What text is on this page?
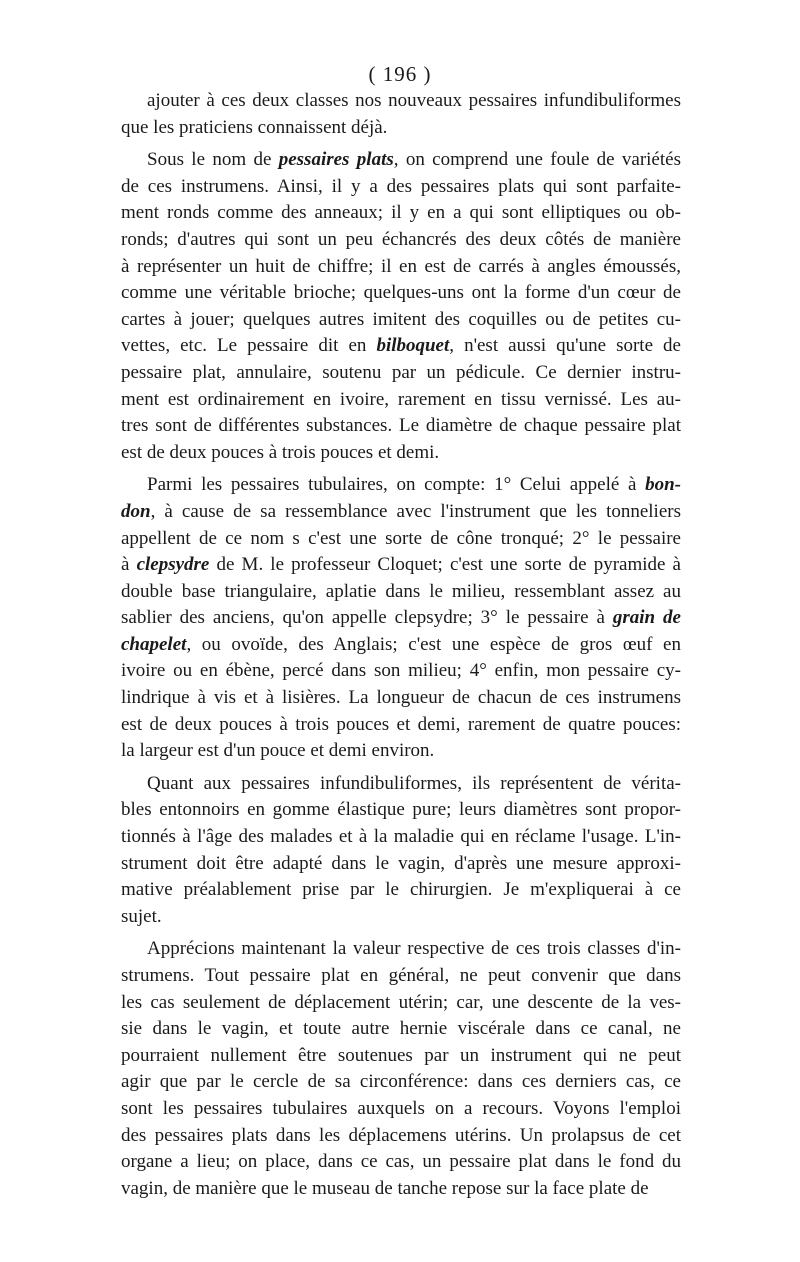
( 196 )
ajouter à ces deux classes nos nouveaux pessaires infundibuliformes
que les praticiens connaissent déjà.
Sous le nom de pessaires plats, on comprend une foule de variétés
de ces instrumens. Ainsi, il y a des pessaires plats qui sont parfaite-
ment ronds comme des anneaux; il y en a qui sont elliptiques ou ob-
ronds; d'autres qui sont un peu échancrés des deux côtés de manière
à représenter un huit de chiffre; il en est de carrés à angles émoussés,
comme une véritable brioche; quelques-uns ont la forme d'un cœur de
cartes à jouer; quelques autres imitent des coquilles ou de petites cu-
vettes, etc. Le pessaire dit en bilboquet, n'est aussi qu'une sorte de
pessaire plat, annulaire, soutenu par un pédicule. Ce dernier instru-
ment est ordinairement en ivoire, rarement en tissu vernissé. Les au-
tres sont de différentes substances. Le diamètre de chaque pessaire plat
est de deux pouces à trois pouces et demi.
Parmi les pessaires tubulaires, on compte: 1° Celui appelé à bon-
don, à cause de sa ressemblance avec l'instrument que les tonneliers
appellent de ce nom s c'est une sorte de cône tronqué; 2° le pessaire
à clepsydre de M. le professeur Cloquet; c'est une sorte de pyramide à
double base triangulaire, aplatie dans le milieu, ressemblant assez au
sablier des anciens, qu'on appelle clepsydre; 3° le pessaire à grain de
chapelet, ou ovoïde, des Anglais; c'est une espèce de gros œuf en
ivoire ou en ébène, percé dans son milieu; 4° enfin, mon pessaire cy-
lindrique à vis et à lisières. La longueur de chacun de ces instrumens
est de deux pouces à trois pouces et demi, rarement de quatre pouces:
la largeur est d'un pouce et demi environ.
Quant aux pessaires infundibuliformes, ils représentent de vérita-
bles entonnoirs en gomme élastique pure; leurs diamètres sont propor-
tionnés à l'âge des malades et à la maladie qui en réclame l'usage. L'in-
strument doit être adapté dans le vagin, d'après une mesure approxi-
mative préalablement prise par le chirurgien. Je m'expliquerai à ce
sujet.
Apprécions maintenant la valeur respective de ces trois classes d'in-
strumens. Tout pessaire plat en général, ne peut convenir que dans
les cas seulement de déplacement utérin; car, une descente de la ves-
sie dans le vagin, et toute autre hernie viscérale dans ce canal, ne
pourraient nullement être soutenues par un instrument qui ne peut
agir que par le cercle de sa circonférence: dans ces derniers cas, ce
sont les pessaires tubulaires auxquels on a recours. Voyons l'emploi
des pessaires plats dans les déplacemens utérins. Un prolapsus de cet
organe a lieu; on place, dans ce cas, un pessaire plat dans le fond du
vagin, de manière que le museau de tanche repose sur la face plate de
